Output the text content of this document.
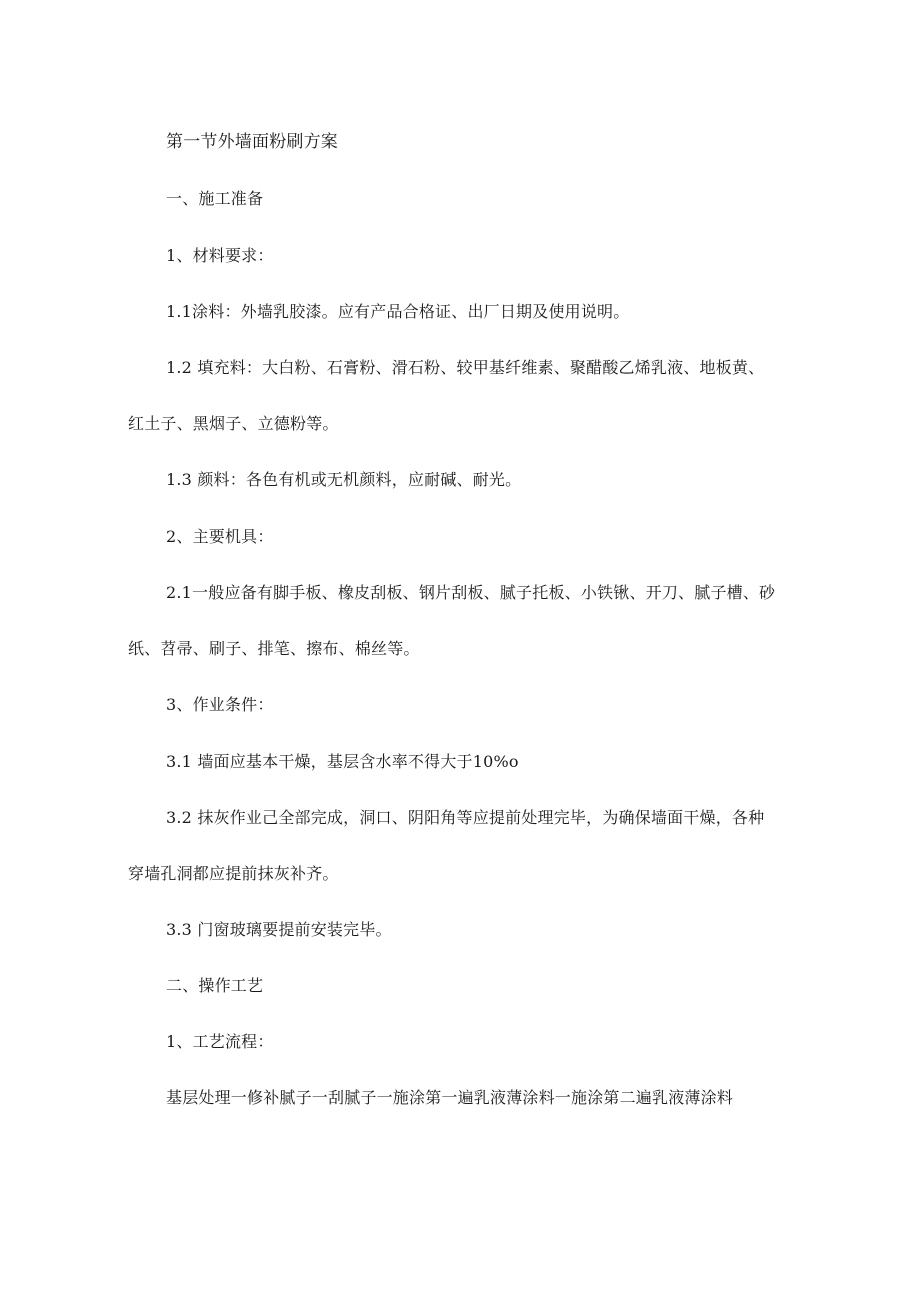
第一节外墙面粉刷方案
一、施工准备
1、材料要求：
1.1涂料：外墙乳胶漆。应有产品合格证、出厂日期及使用说明。
1.2 填充料：大白粉、石膏粉、滑石粉、较甲基纤维素、聚醋酸乙烯乳液、地板黄、
红土子、黑烟子、立德粉等。
1.3 颜料：各色有机或无机颜料，应耐碱、耐光。
2、主要机具：
2.1一般应备有脚手板、橡皮刮板、钢片刮板、腻子托板、小铁锹、开刀、腻子槽、砂
纸、苕帚、刷子、排笔、擦布、棉丝等。
3、作业条件：
3.1 墙面应基本干燥，基层含水率不得大于10%o
3.2 抹灰作业己全部完成，洞口、阴阳角等应提前处理完毕，为确保墙面干燥，各种
穿墙孔洞都应提前抹灰补齐。
3.3 门窗玻璃要提前安装完毕。
二、操作工艺
1、工艺流程：
基层处理一修补腻子一刮腻子一施涂第一遍乳液薄涂料一施涂第二遍乳液薄涂料
